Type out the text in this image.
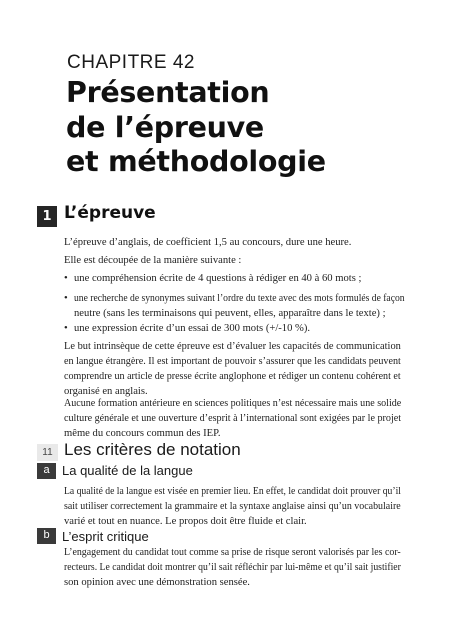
CHAPITRE 42
Présentation
de l’épreuve
et méthodologie
1 L’épreuve
L’épreuve d’anglais, de coefficient 1,5 au concours, dure une heure.
Elle est découpée de la manière suivante :
• une compréhension écrite de 4 questions à rédiger en 40 à 60 mots ;
• une recherche de synonymes suivant l’ordre du texte avec des mots formulés de façon
neutre (sans les terminaisons qui peuvent, elles, apparaître dans le texte) ;
• une expression écrite d’un essai de 300 mots (+/-10 %).
Le but intrinsèque de cette épreuve est d’évaluer les capacités de communication en langue étrangère. Il est important de pouvoir s’assurer que les candidats peuvent comprendre un article de presse écrite anglophone et rédiger un contenu cohérent et
organisé en anglais.
Aucune formation antérieure en sciences politiques n’est nécessaire mais une solide culture générale et une ouverture d’esprit à l’international sont exigées par le projet
même du concours commun des IEP.
11 Les critères de notation
a La qualité de la langue
La qualité de la langue est visée en premier lieu. En effet, le candidat doit prouver qu’il sait utiliser correctement la grammaire et la syntaxe anglaise ainsi qu’un vocabulaire
varié et tout en nuance. Le propos doit être fluide et clair.
b L’esprit critique
L’engagement du candidat tout comme sa prise de risque seront valorisés par les cor- recteurs. Le candidat doit montrer qu’il sait réfléchir par lui-même et qu’il sait justifier
son opinion avec une démonstration sensée.
